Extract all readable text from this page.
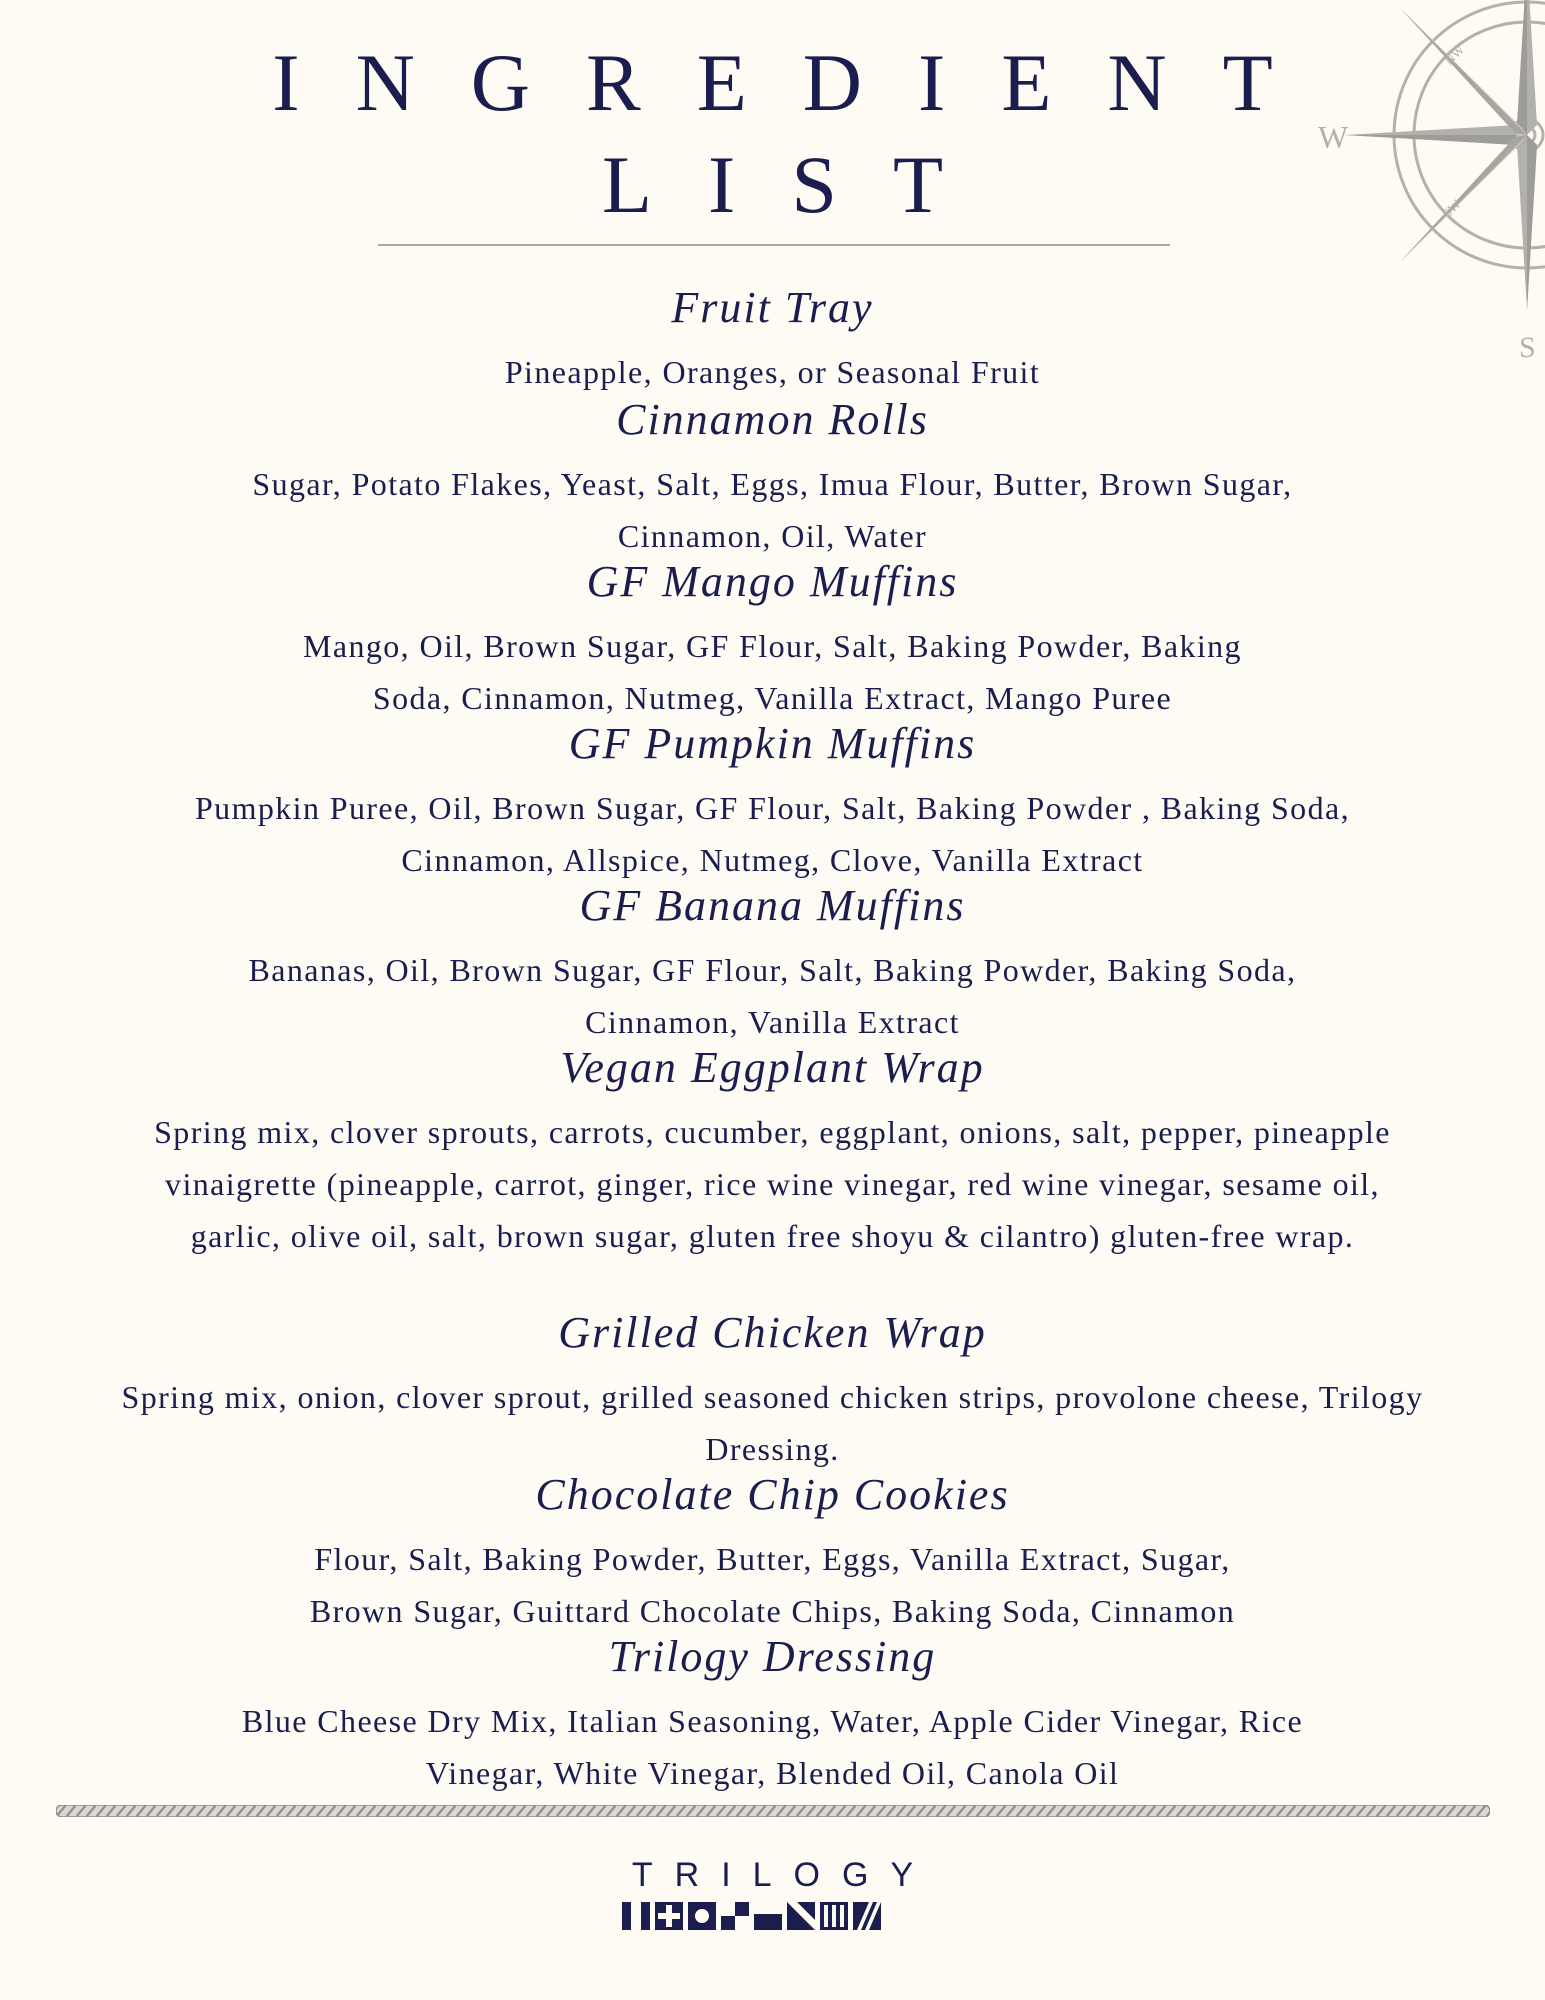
W
S
NW
SW
INGREDIENT
LIST
Fruit Tray
Pineapple, Oranges, or Seasonal Fruit
Cinnamon Rolls
Sugar, Potato Flakes, Yeast, Salt, Eggs, Imua Flour, Butter, Brown Sugar,
Cinnamon, Oil, Water
GF Mango Muffins
Mango, Oil, Brown Sugar, GF Flour, Salt, Baking Powder, Baking
Soda, Cinnamon, Nutmeg, Vanilla Extract, Mango Puree
GF Pumpkin Muffins
Pumpkin Puree, Oil, Brown Sugar, GF Flour, Salt, Baking Powder , Baking Soda,
Cinnamon, Allspice, Nutmeg, Clove, Vanilla Extract
GF Banana Muffins
Bananas, Oil, Brown Sugar, GF Flour, Salt, Baking Powder, Baking Soda,
Cinnamon, Vanilla Extract
Vegan Eggplant Wrap
Spring mix, clover sprouts, carrots, cucumber, eggplant, onions, salt, pepper, pineapple
vinaigrette (pineapple, carrot, ginger, rice wine vinegar, red wine vinegar, sesame oil,
garlic, olive oil, salt, brown sugar, gluten free shoyu & cilantro) gluten-free wrap.
Grilled Chicken Wrap
Spring mix, onion, clover sprout, grilled seasoned chicken strips, provolone cheese, Trilogy
Dressing.
Chocolate Chip Cookies
Flour, Salt, Baking Powder, Butter, Eggs, Vanilla Extract, Sugar,
Brown Sugar, Guittard Chocolate Chips, Baking Soda, Cinnamon
Trilogy Dressing
Blue Cheese Dry Mix, Italian Seasoning, Water, Apple Cider Vinegar, Rice
Vinegar, White Vinegar, Blended Oil, Canola Oil
TRILOGY
